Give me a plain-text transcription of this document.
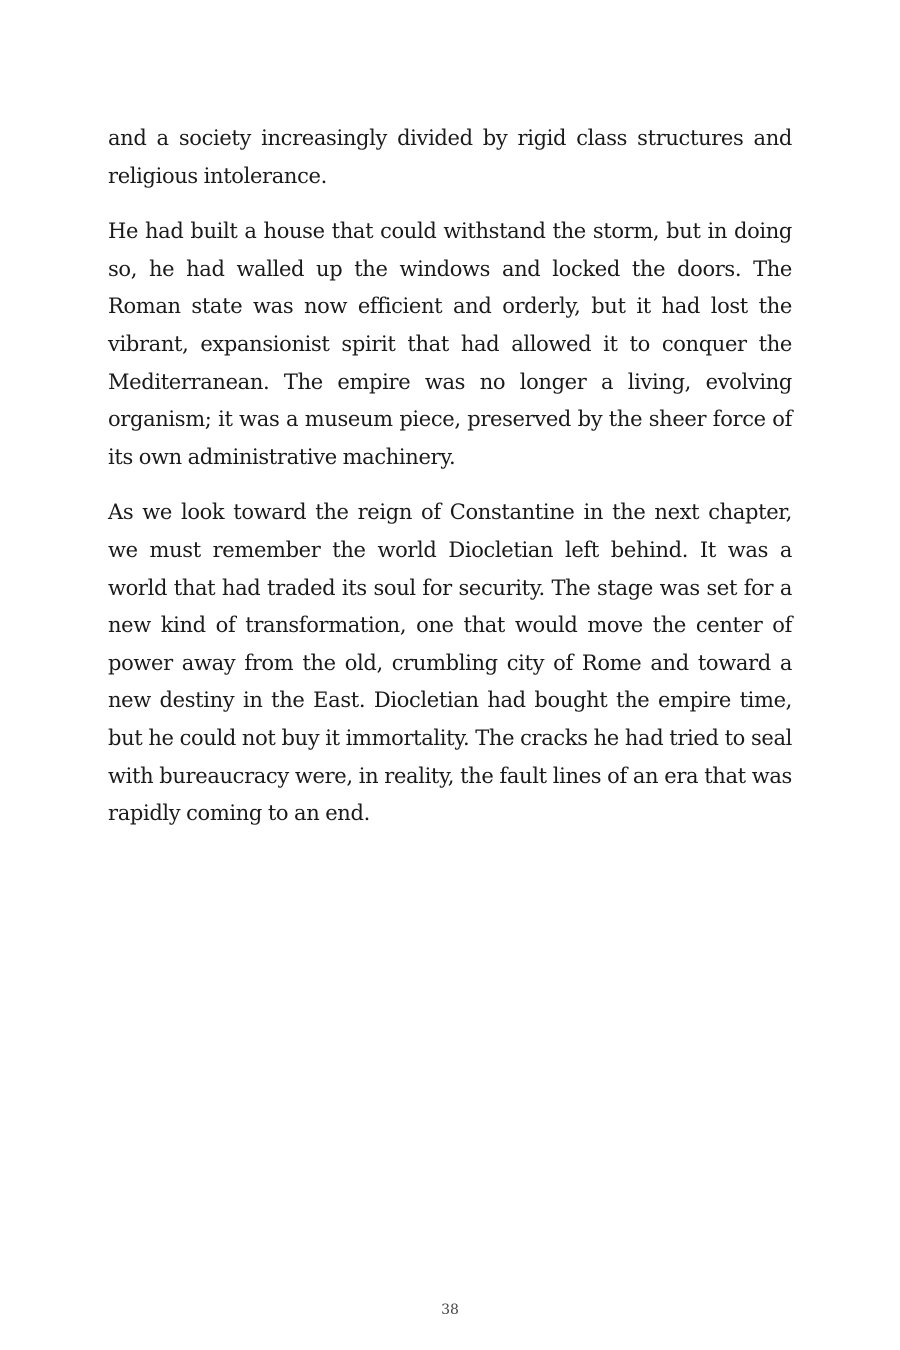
and a society increasingly divided by rigid class structures and religious intolerance.

He had built a house that could withstand the storm, but in doing so, he had walled up the windows and locked the doors. The Roman state was now efficient and orderly, but it had lost the vibrant, expansionist spirit that had allowed it to conquer the Mediterranean. The empire was no longer a living, evolving organism; it was a museum piece, preserved by the sheer force of its own administrative machinery.

As we look toward the reign of Constantine in the next chapter, we must remember the world Diocletian left behind. It was a world that had traded its soul for security. The stage was set for a new kind of transformation, one that would move the center of power away from the old, crumbling city of Rome and toward a new destiny in the East. Diocletian had bought the empire time, but he could not buy it immortality. The cracks he had tried to seal with bureaucracy were, in reality, the fault lines of an era that was rapidly coming to an end.

38
